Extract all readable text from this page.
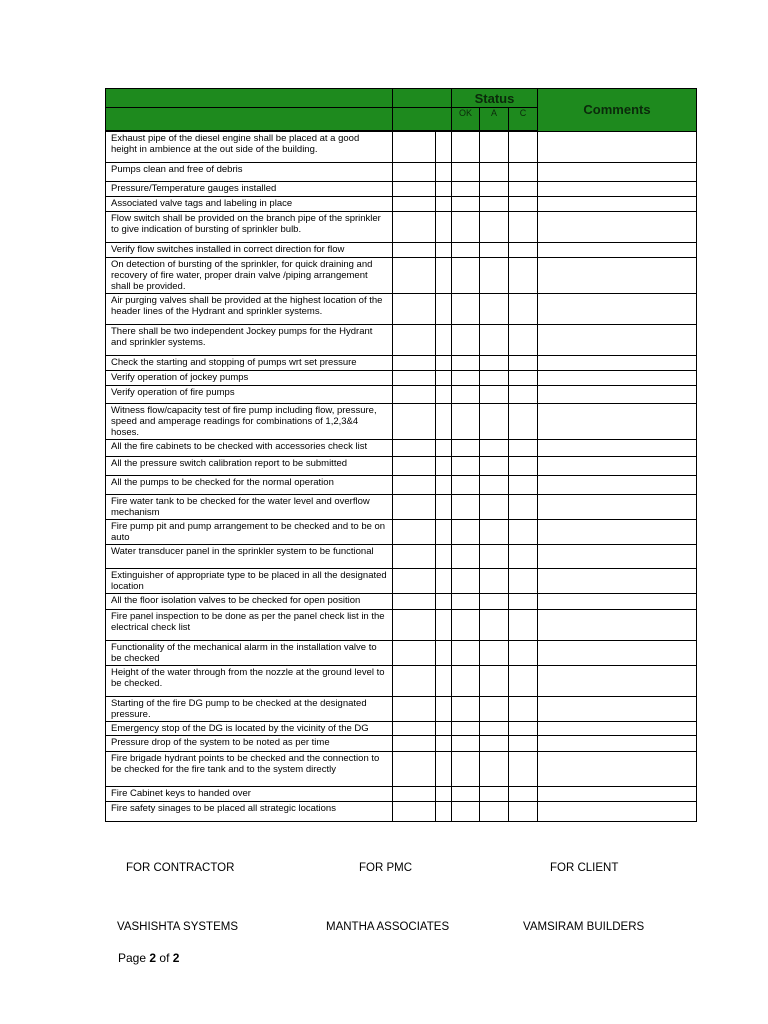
			Status			Comments
			OK	A	C	
Exhaust pipe of the diesel engine shall be placed at a good height in ambience at the out side of the building.						
Pumps clean and free of debris						
Pressure/Temperature gauges installed						
Associated valve tags and labeling in place						
Flow switch shall be provided on the branch pipe of the sprinkler to give indication of bursting of sprinkler bulb.						
Verify flow switches installed in correct direction for flow						
On detection of bursting of the sprinkler, for quick draining and recovery of fire water, proper drain valve /piping arrangement shall be provided.						
Air purging valves shall be provided at the highest location of the header lines of the Hydrant and sprinkler systems.						
There shall be two independent Jockey pumps for the Hydrant and sprinkler systems.						
Check the starting and stopping of pumps wrt set pressure						
Verify operation of jockey pumps						
Verify operation of fire pumps						
Witness flow/capacity test of fire pump including flow, pressure, speed and amperage readings for combinations of 1,2,3&4 hoses.						
All the fire cabinets to be checked with accessories check list						
All the pressure switch calibration report to be submitted						
All the pumps to be checked for the normal operation						
Fire water tank to be checked for the water level and overflow mechanism						
Fire pump pit and pump arrangement to be checked and to be on auto						
Water transducer panel in the sprinkler system to be functional						
Extinguisher of appropriate type to be placed in all the designated location						
All the floor isolation valves to be checked for open position						
Fire panel inspection to be done as per the panel check list in the electrical check list						
Functionality of the mechanical alarm in the installation valve to be checked						
Height of the water through from the nozzle at the ground level to be checked.						
Starting of the fire DG pump to be checked at the designated pressure.						
Emergency stop of the DG is located by the vicinity of the DG						
Pressure drop of the system to be noted as per time						
Fire brigade hydrant points to be checked and the connection to be checked for the fire tank and to the system directly						
Fire Cabinet keys to handed over						
Fire safety sinages to be placed all strategic locations						
FOR CONTRACTOR	FOR PMC	FOR CLIENT
VASHISHTA SYSTEMS	MANTHA ASSOCIATES	VAMSIRAM BUILDERS
Page 2 of 2
